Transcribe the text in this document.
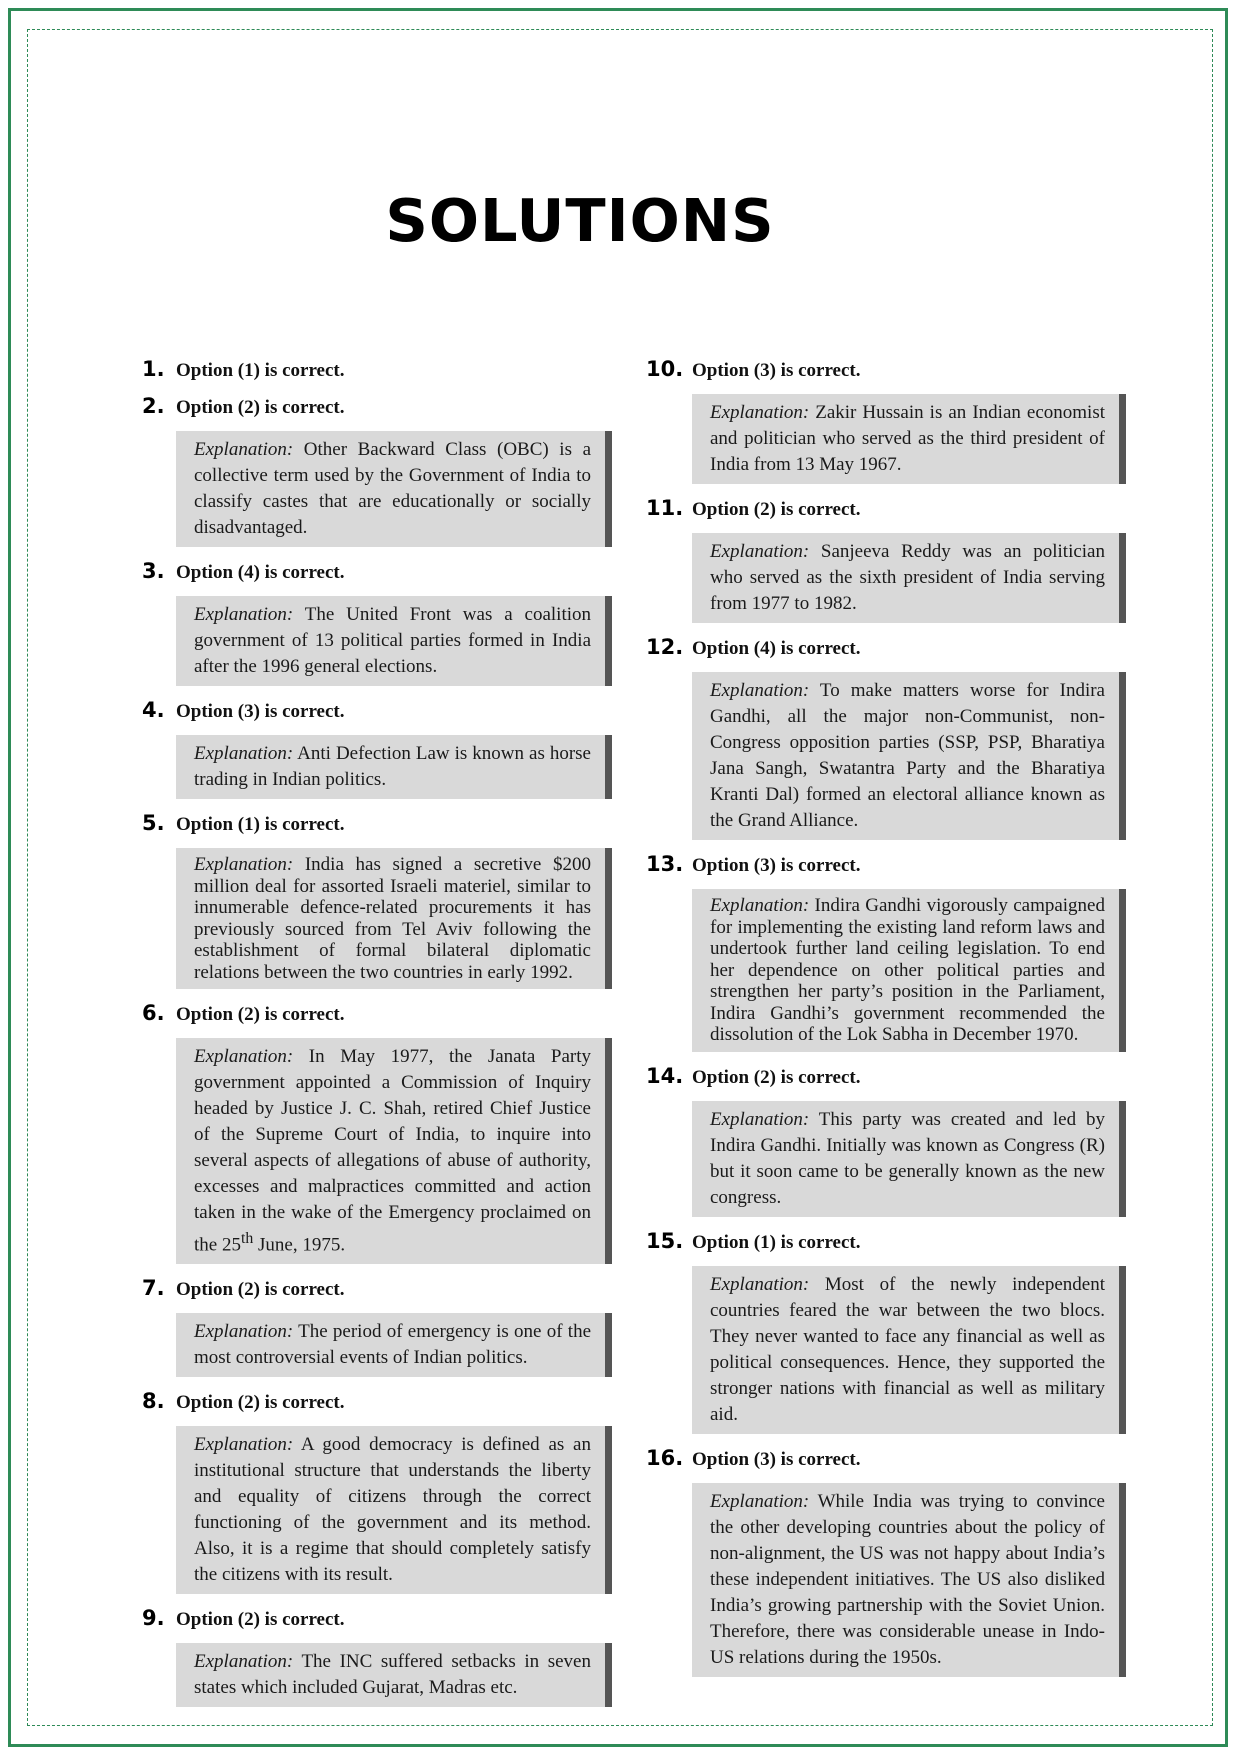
SOLUTIONS
1. Option (1) is correct.
2. Option (2) is correct.
Explanation: Other Backward Class (OBC) is a collective term used by the Government of India to classify castes that are educationally or socially disadvantaged.
3. Option (4) is correct.
Explanation: The United Front was a coalition government of 13 political parties formed in India after the 1996 general elections.
4. Option (3) is correct.
Explanation: Anti Defection Law is known as horse trading in Indian politics.
5. Option (1) is correct.
Explanation: India has signed a secretive $200 million deal for assorted Israeli materiel, similar to innumerable defence-related procurements it has previously sourced from Tel Aviv following the establishment of formal bilateral diplomatic relations between the two countries in early 1992.
6. Option (2) is correct.
Explanation: In May 1977, the Janata Party government appointed a Commission of Inquiry headed by Justice J. C. Shah, retired Chief Justice of the Supreme Court of India, to inquire into several aspects of allegations of abuse of authority, excesses and malpractices committed and action taken in the wake of the Emergency proclaimed on the 25th June, 1975.
7. Option (2) is correct.
Explanation: The period of emergency is one of the most controversial events of Indian politics.
8. Option (2) is correct.
Explanation: A good democracy is defined as an institutional structure that understands the liberty and equality of citizens through the correct functioning of the government and its method. Also, it is a regime that should completely satisfy the citizens with its result.
9. Option (2) is correct.
Explanation: The INC suffered setbacks in seven states which included Gujarat, Madras etc.
10. Option (3) is correct.
Explanation: Zakir Hussain is an Indian economist and politician who served as the third president of India from 13 May 1967.
11. Option (2) is correct.
Explanation: Sanjeeva Reddy was an politician who served as the sixth president of India serving from 1977 to 1982.
12. Option (4) is correct.
Explanation: To make matters worse for Indira Gandhi, all the major non-Communist, non- Congress opposition parties (SSP, PSP, Bharatiya Jana Sangh, Swatantra Party and the Bharatiya Kranti Dal) formed an electoral alliance known as the Grand Alliance.
13. Option (3) is correct.
Explanation: Indira Gandhi vigorously campaigned for implementing the existing land reform laws and undertook further land ceiling legislation. To end her dependence on other political parties and strengthen her party’s position in the Parliament, Indira Gandhi’s government recommended the dissolution of the Lok Sabha in December 1970.
14. Option (2) is correct.
Explanation: This party was created and led by Indira Gandhi. Initially was known as Congress (R) but it soon came to be generally known as the new congress.
15. Option (1) is correct.
Explanation: Most of the newly independent countries feared the war between the two blocs. They never wanted to face any financial as well as political consequences. Hence, they supported the stronger nations with financial as well as military aid.
16. Option (3) is correct.
Explanation: While India was trying to convince the other developing countries about the policy of non-alignment, the US was not happy about India’s these independent initiatives. The US also disliked India’s growing partnership with the Soviet Union. Therefore, there was considerable unease in Indo- US relations during the 1950s.
